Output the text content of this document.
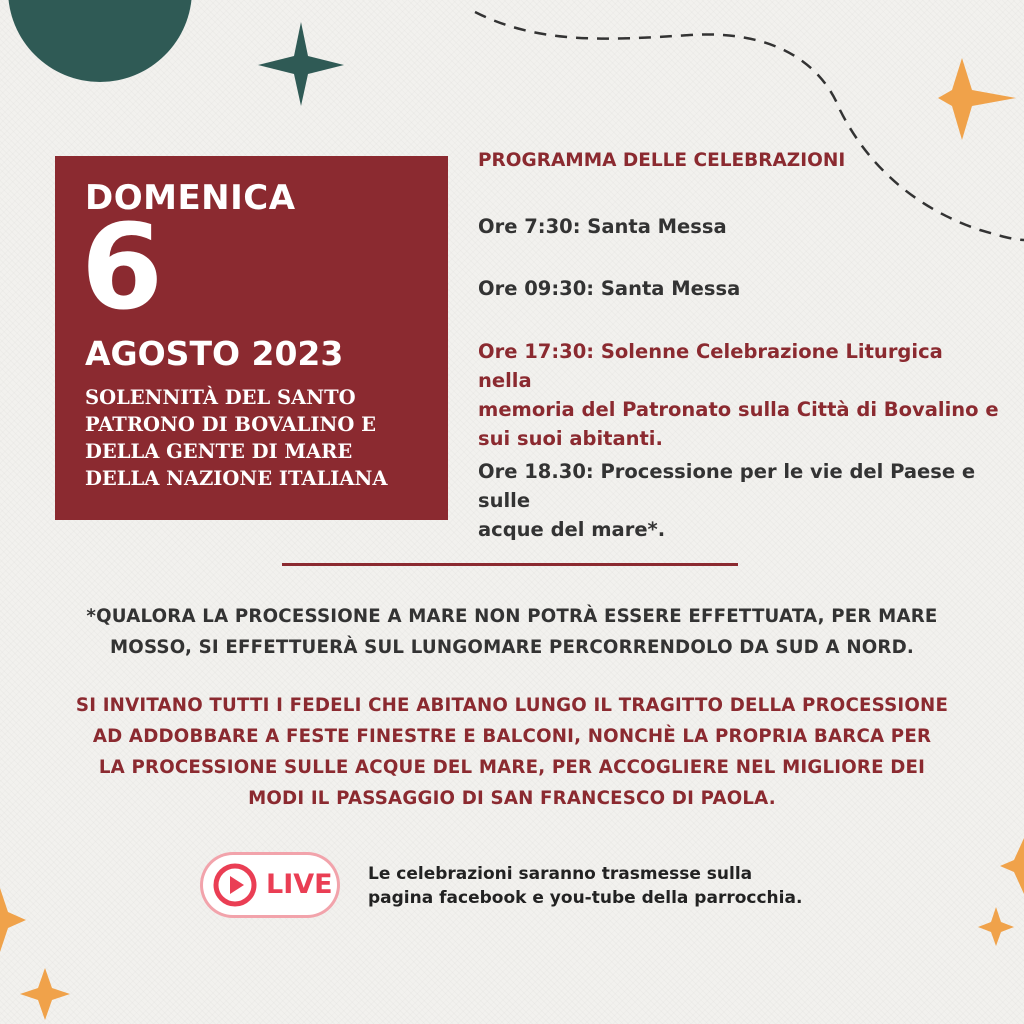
DOMENICA
6
AGOSTO 2023
SOLENNITÀ DEL SANTO
PATRONO DI BOVALINO E
DELLA GENTE DI MARE
DELLA NAZIONE ITALIANA
PROGRAMMA DELLE CELEBRAZIONI
Ore 7:30: Santa Messa
Ore 09:30: Santa Messa
Ore 17:30: Solenne Celebrazione Liturgica nella
memoria del Patronato sulla Città di Bovalino e
sui suoi abitanti.
Ore 18.30: Processione per le vie del Paese e sulle
acque del mare*.
*QUALORA LA PROCESSIONE A MARE NON POTRÀ ESSERE EFFETTUATA, PER MARE
MOSSO, SI EFFETTUERÀ SUL LUNGOMARE PERCORRENDOLO DA SUD A NORD.
SI INVITANO TUTTI I FEDELI CHE ABITANO LUNGO IL TRAGITTO DELLA PROCESSIONE
AD ADDOBBARE A FESTE FINESTRE E BALCONI, NONCHÈ LA PROPRIA BARCA PER
LA PROCESSIONE SULLE ACQUE DEL MARE, PER ACCOGLIERE NEL MIGLIORE DEI
MODI IL PASSAGGIO DI SAN FRANCESCO DI PAOLA.
LIVE Le celebrazioni saranno trasmesse sulla
pagina facebook e you-tube della parrocchia.
